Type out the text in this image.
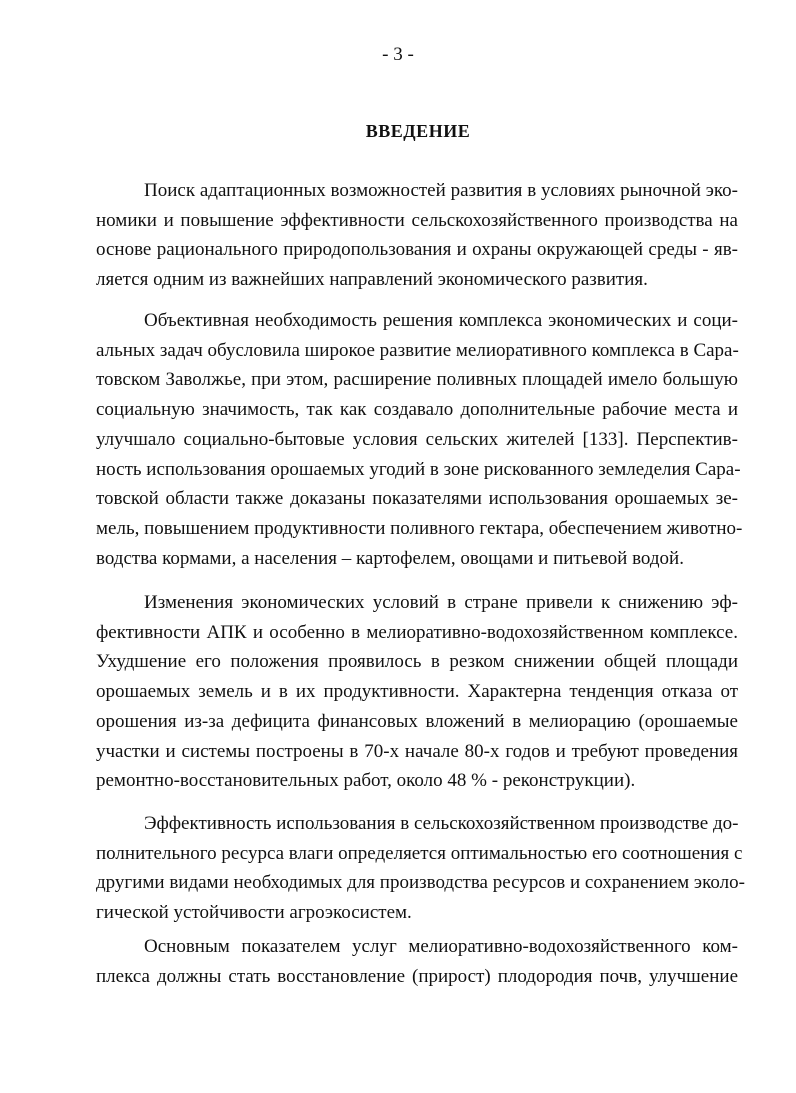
- 3 -
ВВЕДЕНИЕ
Поиск адаптационных возможностей развития в условиях рыночной эко-
номики и повышение эффективности сельскохозяйственного производства на
основе рационального природопользования и охраны окружающей среды - яв-
ляется одним из важнейших направлений экономического развития.
Объективная необходимость решения комплекса экономических и соци-
альных задач обусловила широкое развитие мелиоративного комплекса в Сара-
товском Заволжье, при этом, расширение поливных площадей имело большую
социальную значимость, так как создавало дополнительные рабочие места и
улучшало социально-бытовые условия сельских жителей [133]. Перспектив-
ность использования орошаемых угодий в зоне рискованного земледелия Сара-
товской области также доказаны показателями использования орошаемых зе-
мель, повышением продуктивности поливного гектара, обеспечением животно-
водства кормами, а населения – картофелем, овощами и питьевой водой.
Изменения экономических условий в стране привели к снижению эф-
фективности АПК и особенно в мелиоративно-водохозяйственном комплексе.
Ухудшение его положения проявилось в резком снижении общей площади
орошаемых земель и в их продуктивности. Характерна тенденция отказа от
орошения из-за дефицита финансовых вложений в мелиорацию (орошаемые
участки и системы построены в 70-х начале 80-х годов и требуют проведения
ремонтно-восстановительных работ, около 48 % - реконструкции).
Эффективность использования в сельскохозяйственном производстве до-
полнительного ресурса влаги определяется оптимальностью его соотношения с
другими видами необходимых для производства ресурсов и сохранением эколо-
гической устойчивости агроэкосистем.
Основным показателем услуг мелиоративно-водохозяйственного ком-
плекса должны стать восстановление (прирост) плодородия почв, улучшение
